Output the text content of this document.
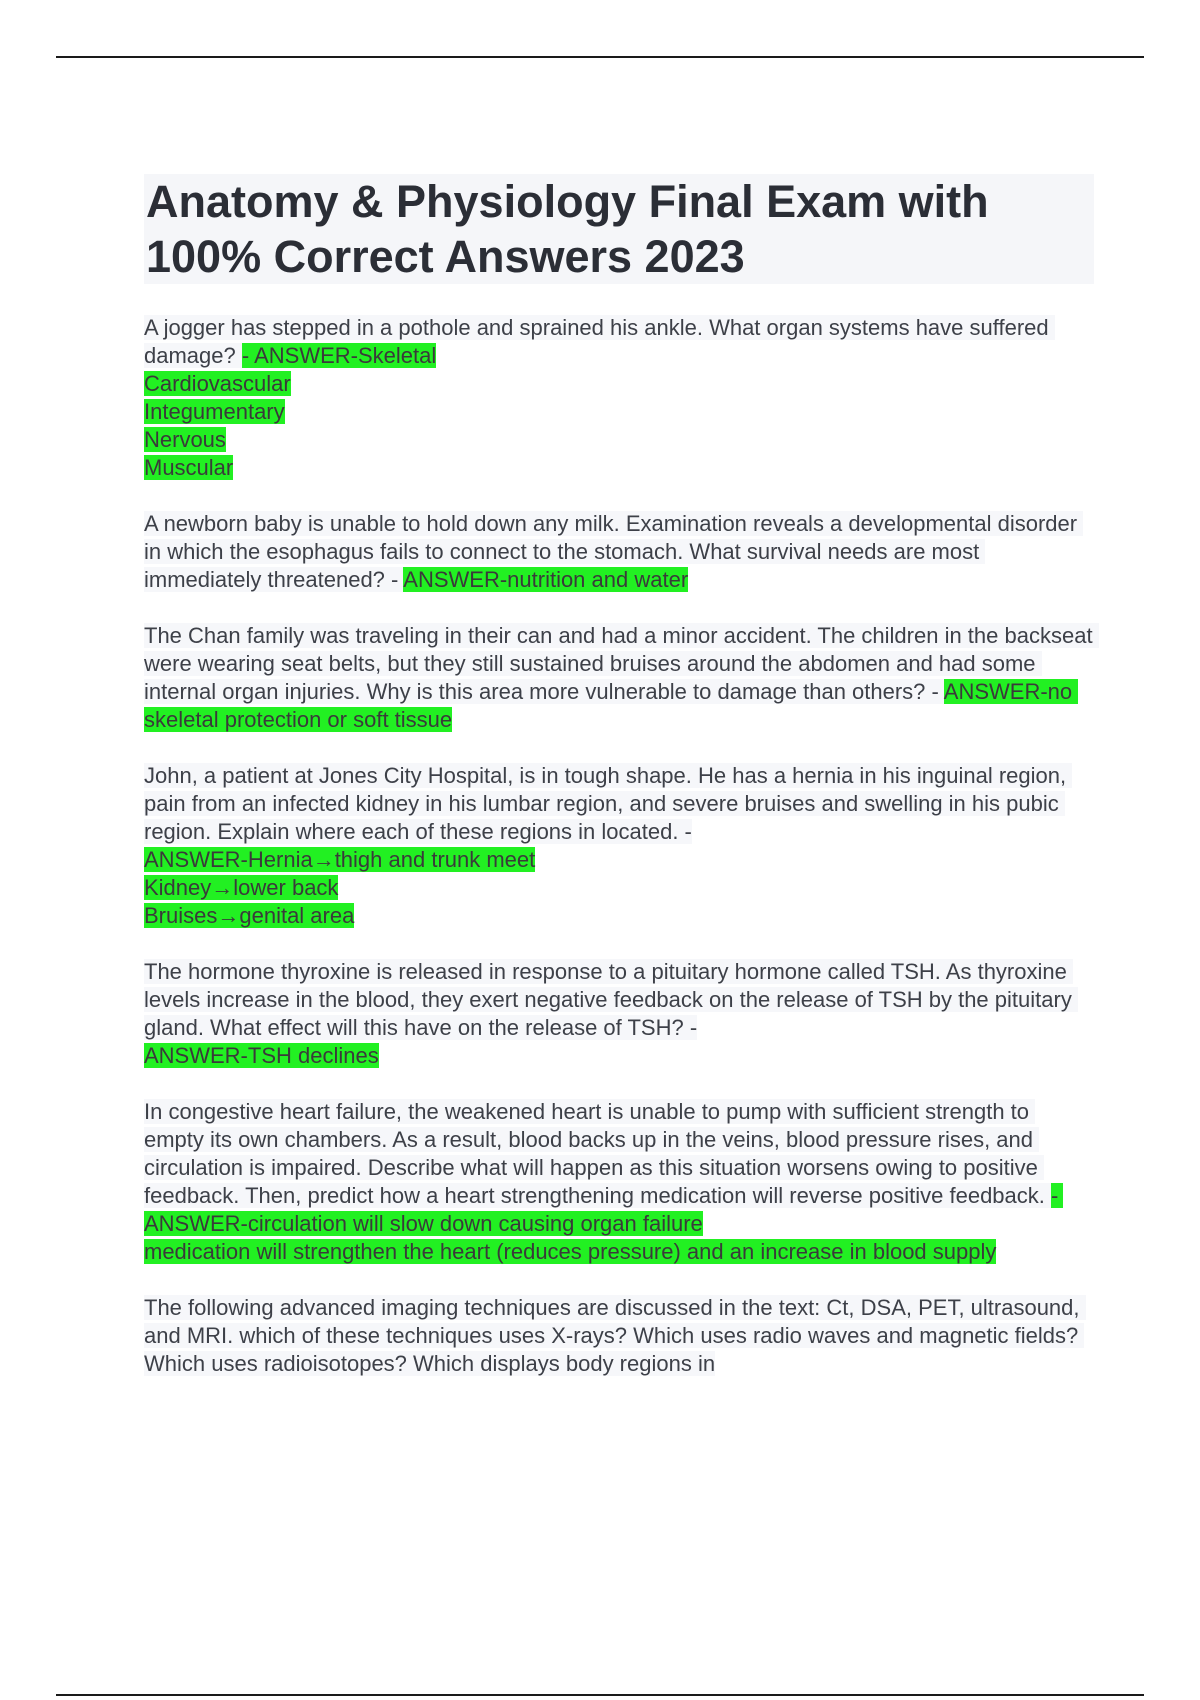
Anatomy & Physiology Final Exam with 100% Correct Answers 2023

A jogger has stepped in a pothole and sprained his ankle. What organ systems have suffered damage? - ANSWER-Skeletal
Cardiovascular
Integumentary
Nervous
Muscular

A newborn baby is unable to hold down any milk. Examination reveals a developmental disorder in which the esophagus fails to connect to the stomach. What survival needs are most immediately threatened? - ANSWER-nutrition and water

The Chan family was traveling in their can and had a minor accident. The children in the backseat were wearing seat belts, but they still sustained bruises around the abdomen and had some internal organ injuries. Why is this area more vulnerable to damage than others? - ANSWER-no skeletal protection or soft tissue

John, a patient at Jones City Hospital, is in tough shape. He has a hernia in his inguinal region, pain from an infected kidney in his lumbar region, and severe bruises and swelling in his pubic region. Explain where each of these regions in located. -
ANSWER-Hernia→thigh and trunk meet
Kidney→lower back
Bruises→genital area

The hormone thyroxine is released in response to a pituitary hormone called TSH. As thyroxine levels increase in the blood, they exert negative feedback on the release of TSH by the pituitary gland. What effect will this have on the release of TSH? -
ANSWER-TSH declines

In congestive heart failure, the weakened heart is unable to pump with sufficient strength to empty its own chambers. As a result, blood backs up in the veins, blood pressure rises, and circulation is impaired. Describe what will happen as this situation worsens owing to positive feedback. Then, predict how a heart strengthening medication will reverse positive feedback. - ANSWER-circulation will slow down causing organ failure
medication will strengthen the heart (reduces pressure) and an increase in blood supply

The following advanced imaging techniques are discussed in the text: Ct, DSA, PET, ultrasound, and MRI. which of these techniques uses X-rays? Which uses radio waves and magnetic fields? Which uses radioisotopes? Which displays body regions in
